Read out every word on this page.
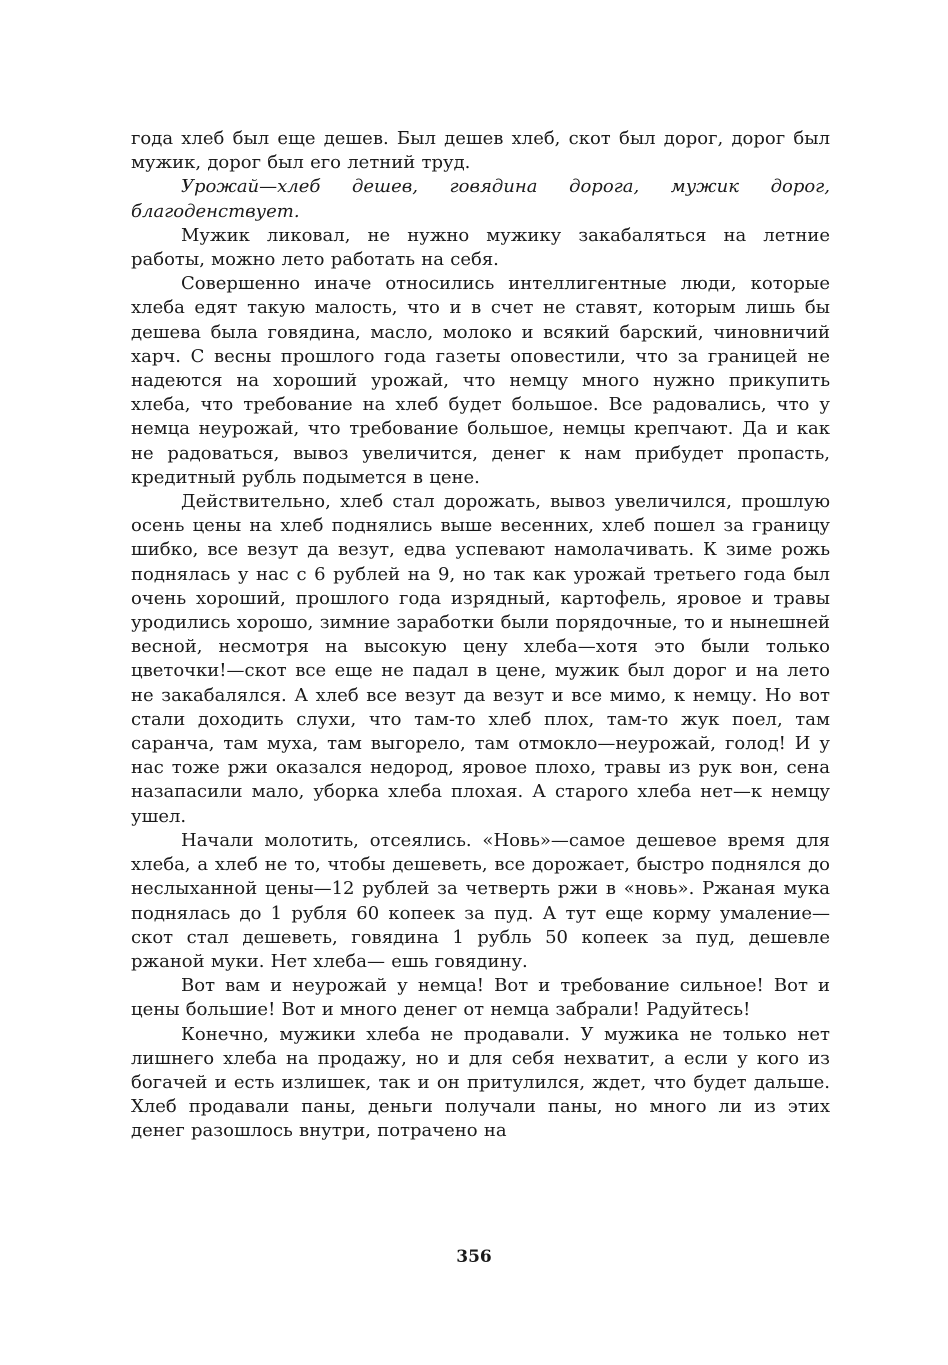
года хлеб был еще дешев. Был дешев хлеб, скот был дорог, дорог был мужик, дорог был его летний труд.

Урожай—хлеб дешев, говядина дорога, мужик дорог, благоденствует.

Мужик ликовал, не нужно мужику закабаляться на летние работы, можно лето работать на себя.

Совершенно иначе относились интеллигентные люди, которые хлеба едят такую малость, что и в счет не ставят, которым лишь бы дешева была говядина, масло, молоко и всякий барский, чиновничий харч. С весны прошлого года газеты оповестили, что за границей не надеются на хороший урожай, что немцу много нужно прикупить хлеба, что требование на хлеб будет большое. Все радовались, что у немца неурожай, что требование большое, немцы крепчают. Да и как не радоваться, вывоз увеличится, денег к нам прибудет пропасть, кредитный рубль подымется в цене.

Действительно, хлеб стал дорожать, вывоз увеличился, прошлую осень цены на хлеб поднялись выше весенних, хлеб пошел за границу шибко, все везут да везут, едва успевают намолачивать. К зиме рожь поднялась у нас с 6 рублей на 9, но так как урожай третьего года был очень хороший, прошлого года изрядный, картофель, яровое и травы уродились хорошо, зимние заработки были порядочные, то и нынешней весной, несмотря на высокую цену хлеба—хотя это были только цветочки!—скот все еще не падал в цене, мужик был дорог и на лето не закабалялся. А хлеб все везут да везут и все мимо, к немцу. Но вот стали доходить слухи, что там-то хлеб плох, там-то жук поел, там саранча, там муха, там выгорело, там отмокло—неурожай, голод! И у нас тоже ржи оказался недород, яровое плохо, травы из рук вон, сена назапасили мало, уборка хлеба плохая. А старого хлеба нет—к немцу ушел.

Начали молотить, отсеялись. «Новь»—самое дешевое время для хлеба, а хлеб не то, чтобы дешеветь, все дорожает, быстро поднялся до неслыханной цены—12 рублей за четверть ржи в «новь». Ржаная мука поднялась до 1 рубля 60 копеек за пуд. А тут еще корму умаление—скот стал дешеветь, говядина 1 рубль 50 копеек за пуд, дешевле ржаной муки. Нет хлеба— ешь говядину.

Вот вам и неурожай у немца! Вот и требование сильное! Вот и цены большие! Вот и много денег от немца забрали! Радуйтесь!

Конечно, мужики хлеба не продавали. У мужика не только нет лишнего хлеба на продажу, но и для себя нехватит, а если у кого из богачей и есть излишек, так и он притулился, ждет, что будет дальше. Хлеб продавали паны, деньги получали паны, но много ли из этих денег разошлось внутри, потрачено на

356
